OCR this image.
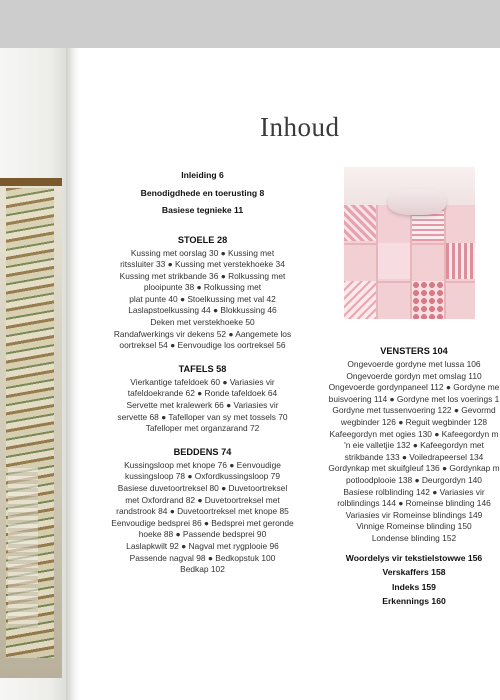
Inhoud

Inleiding 6

Benodigdhede en toerusting 8

Basiese tegnieke 11

STOELE 28
Kussing met oorslag 30 ● Kussing met
ritssluiter 33 ● Kussing met verstekhoeke 34
Kussing met strikbande 36 ● Rolkussing met
plooipunte 38 ● Rolkussing met
plat punte 40 ● Stoelkussing met val 42
Laslapstoelkussing 44 ● Blokkussing 46
Deken met verstekhoeke 50
Randafwerkings vir dekens 52 ● Aangemete los
oortreksel 54 ● Eenvoudige los oortreksel 56
TAFELS 58
Vierkantige tafeldoek 60 ● Variasies vir
tafeldoekrande 62 ● Ronde tafeldoek 64
Servette met kralewerk 66 ● Variasies vir
servette 68 ● Tafelloper van sy met tossels 70
Tafelloper met organzarand 72
BEDDENS 74
Kussingsloop met knope 76 ● Eenvoudige
kussingsloop 78 ● Oxfordkussingsloop 79
Basiese duvetoortreksel 80 ● Duvetoortreksel
met Oxfordrand 82 ● Duvetoortreksel met
randstrook 84 ● Duvetoortreksel met knope 85
Eenvoudige bedsprei 86 ● Bedsprei met geronde
hoeke 88 ● Passende bedsprei 90
Laslapkwilt 92 ● Nagval met rygplooie 96
Passende nagval 98 ● Bedkopstuk 100
Bedkap 102
VENSTERS 104
Ongevoerde gordyne met lussa 106
Ongevoerde gordyn met omslag 110
Ongevoerde gordynpaneel 112 ● Gordyne me
buisvoering 114 ● Gordyne met los voerings 1
Gordyne met tussenvoering 122 ● Gevormd
wegbinder 126 ● Reguit wegbinder 128
Kafeegordyn met ogies 130 ● Kafeegordyn m
'n eie valletjie 132 ● Kafeegordyn met
strikbande 133 ● Voiledrapeersel 134
Gordynkap met skuifgleuf 136 ● Gordynkap m
potloodplooie 138 ● Deurgordyn 140
Basiese rolblinding 142 ● Variasies vir
rolblindings 144 ● Romeinse blinding 146
Variasies vir Romeinse blindings 149
Vinnige Romeinse blinding 150
Londense blinding 152

Woordelys vir tekstielstowwe 156

Verskaffers 158

Indeks 159

Erkennings 160
